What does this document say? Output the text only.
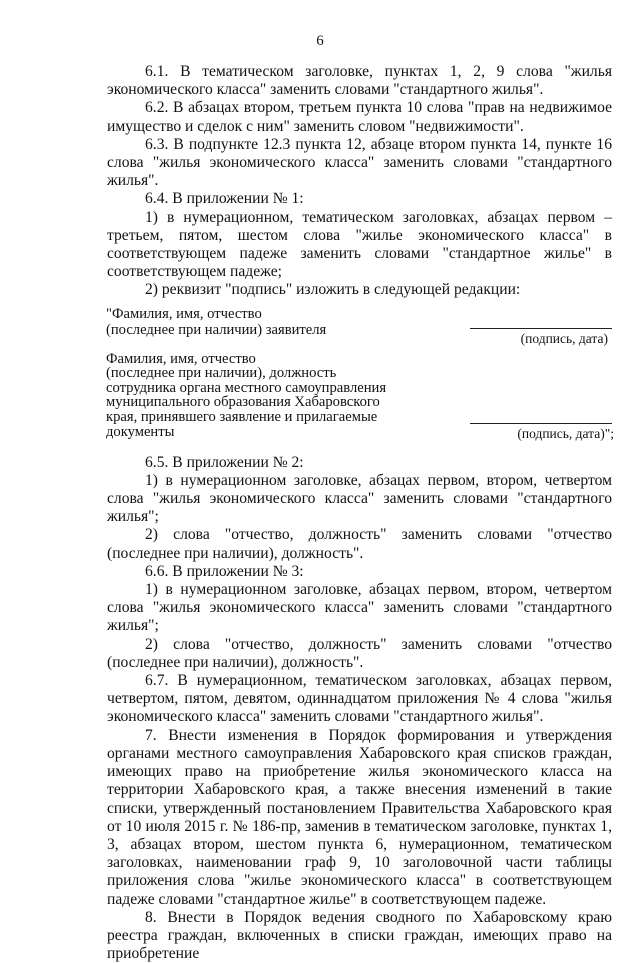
6

6.1. В тематическом заголовке, пунктах 1, 2, 9 слова "жилья экономического класса" заменить словами "стандартного жилья".

6.2. В абзацах втором, третьем пункта 10 слова "прав на недвижимое имущество и сделок с ним" заменить словом "недвижимости".

6.3. В подпункте 12.3 пункта 12, абзаце втором пункта 14, пункте 16 слова "жилья экономического класса" заменить словами "стандартного жилья".

6.4. В приложении № 1:

1) в нумерационном, тематическом заголовках, абзацах первом – третьем, пятом, шестом слова "жилье экономического класса" в соответствующем падеже заменить словами "стандартное жилье" в соответствующем падеже;

2) реквизит "подпись" изложить в следующей редакции:

"Фамилия, имя, отчество
(последнее при наличии) заявителя
(подпись, дата)
Фамилия, имя, отчество
(последнее при наличии), должность
сотрудника органа местного самоуправления
муниципального образования Хабаровского
края, принявшего заявление и прилагаемые
документы	(подпись, дата)";

6.5. В приложении № 2:

1) в нумерационном заголовке, абзацах первом, втором, четвертом слова "жилья экономического класса" заменить словами "стандартного жилья";

2) слова "отчество, должность" заменить словами "отчество (последнее при наличии), должность".

6.6. В приложении № 3:

1) в нумерационном заголовке, абзацах первом, втором, четвертом слова "жилья экономического класса" заменить словами "стандартного жилья";

2) слова "отчество, должность" заменить словами "отчество (последнее при наличии), должность".

6.7. В нумерационном, тематическом заголовках, абзацах первом, четвертом, пятом, девятом, одиннадцатом приложения № 4 слова "жилья экономического класса" заменить словами "стандартного жилья".

7. Внести изменения в Порядок формирования и утверждения органами местного самоуправления Хабаровского края списков граждан, имеющих право на приобретение жилья экономического класса на территории Хабаровского края, а также внесения изменений в такие списки, утвержденный постановлением Правительства Хабаровского края от 10 июля 2015 г. № 186-пр, заменив в тематическом заголовке, пунктах 1, 3, абзацах втором, шестом пункта 6, нумерационном, тематическом заголовках, наименовании граф 9, 10 заголовочной части таблицы приложения слова "жилье экономического класса" в соответствующем падеже словами "стандартное жилье" в соответствующем падеже.

8. Внести в Порядок ведения сводного по Хабаровскому краю реестра граждан, включенных в списки граждан, имеющих право на приобретение
